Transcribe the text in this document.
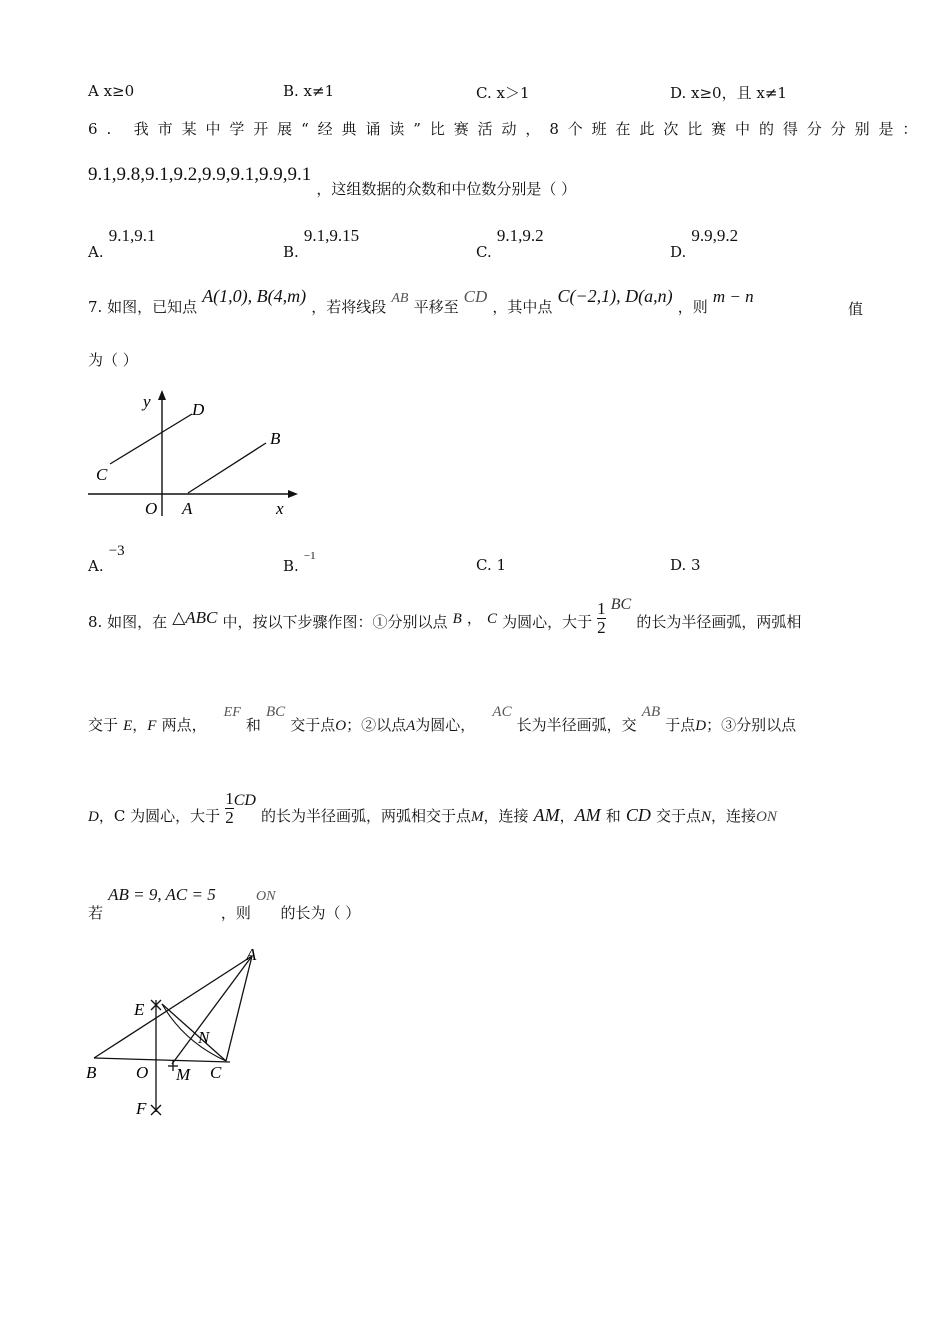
A x≥0	B. x≠1	C. x＞1	D. x≥0，且 x≠1
6. 我市某中学开展“经典诵读”比赛活动，8个班在此次比赛中的得分分别是：
9.1,9.8,9.1,9.2,9.9,9.1,9.9,9.1 ，这组数据的众数和中位数分别是（ ）
A. 9.1,9.1
B. 9.1,9.15
C. 9.1,9.2
D. 9.9,9.2
7. 如图，已知点 A(1,0), B(4,m) ，若将线段 AB 平移至 CD ，其中点 C(−2,1), D(a,n) ，则 m − n
值
为（ ）
y D
B
C
O A	x
A. −3
B. −1	C. 1	D. 3
8. 如图，在 △ABC 中，按以下步骤作图：①分别以点 B ， C 为圆心，大于 $\frac{1}{2}$ BC 的长为半径画弧，两弧相
交于 E，F 两点， EF 和 BC 交于点O；②以点A为圆心， AC 长为半径画弧，交 AB 于点D；③分别以点
D，C 为圆心，大于 $\frac{1}{2}$ CD 的长为半径画弧，两弧相交于点M，连接 AM，AM 和 CD 交于点N，连接ON
若 AB = 9, AC = 5 ，则 ON 的长为（ ）
A
E
N
B O M C
F
